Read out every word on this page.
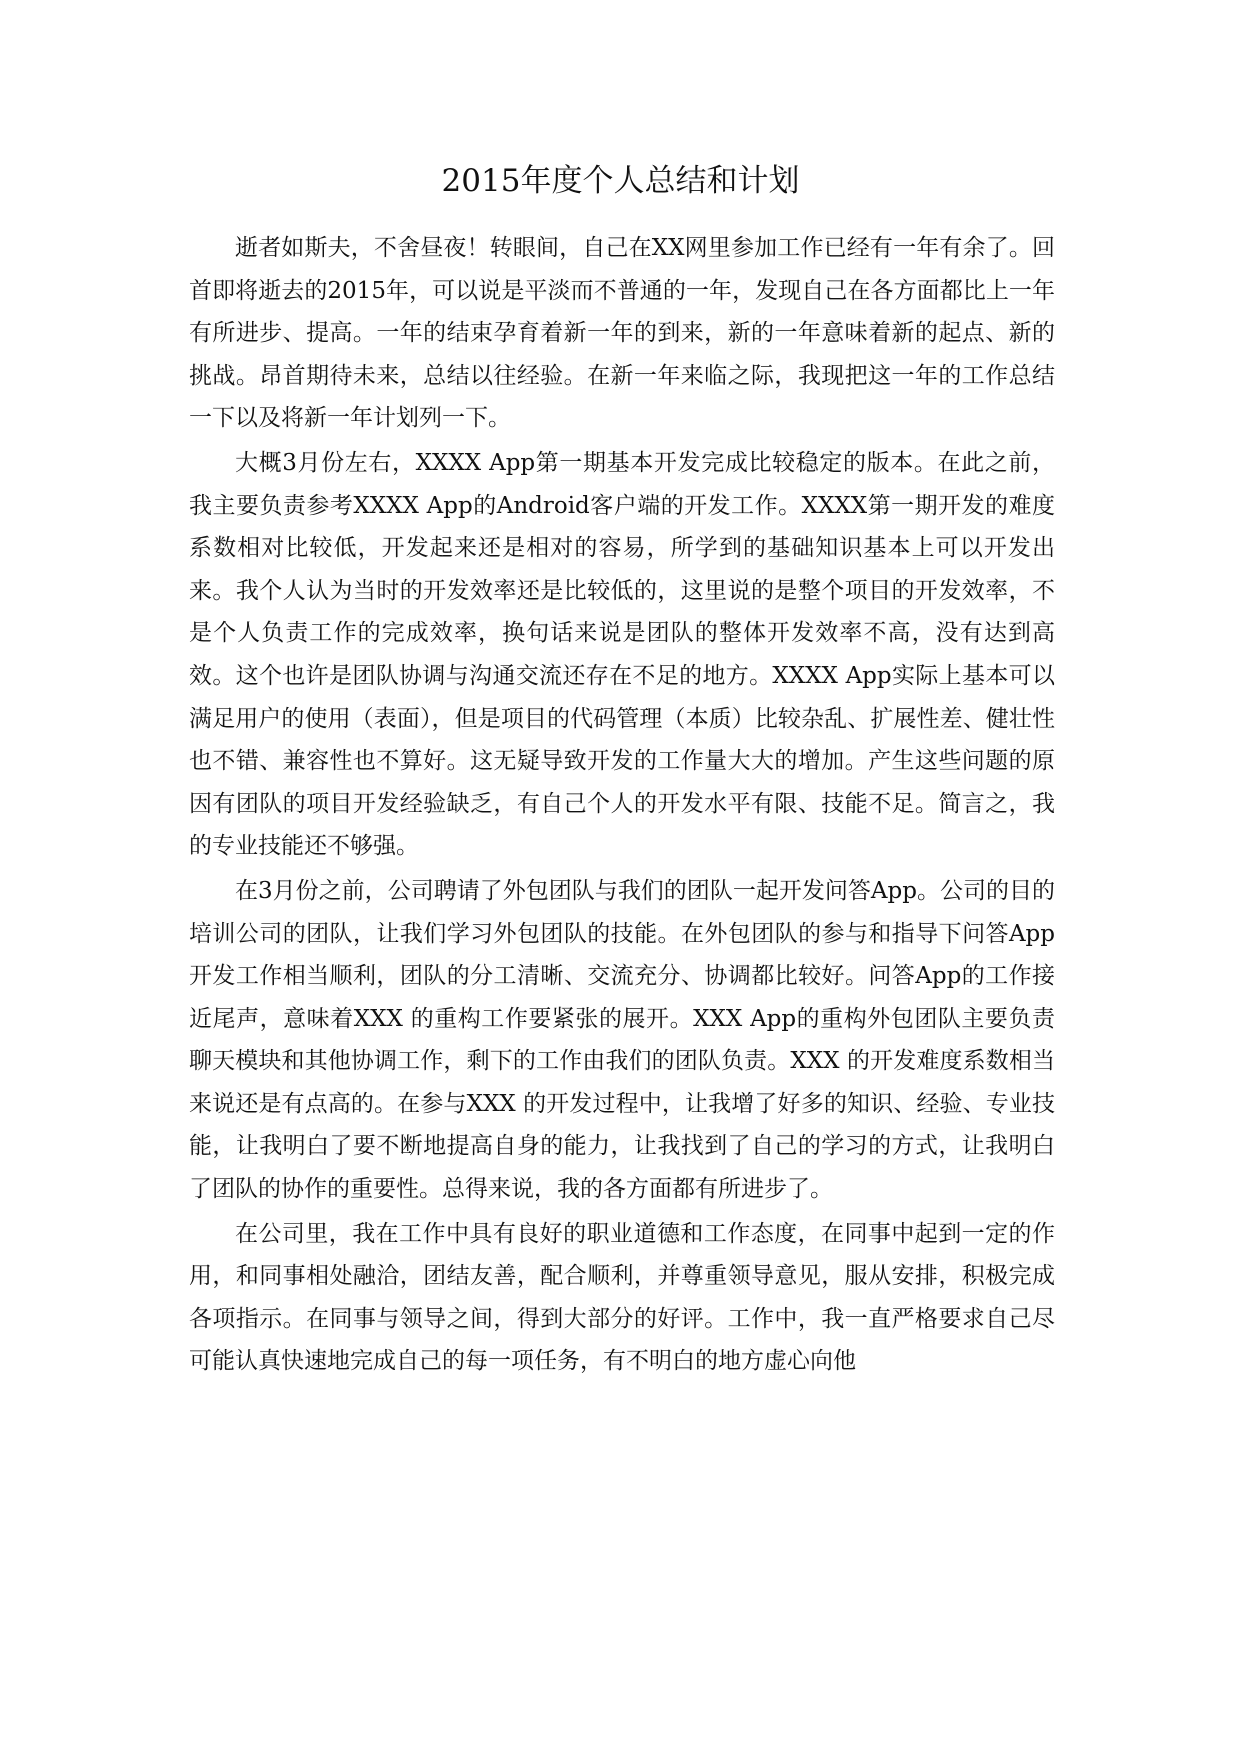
2015年度个人总结和计划

逝者如斯夫，不舍昼夜！转眼间，自己在XX网里参加工作已经有一年有余了。回首即将逝去的2015年，可以说是平淡而不普通的一年，发现自己在各方面都比上一年有所进步、提高。一年的结束孕育着新一年的到来，新的一年意味着新的起点、新的挑战。昂首期待未来，总结以往经验。在新一年来临之际，我现把这一年的工作总结一下以及将新一年计划列一下。

大概3月份左右，XXXX App第一期基本开发完成比较稳定的版本。在此之前，我主要负责参考XXXX App的Android客户端的开发工作。XXXX第一期开发的难度系数相对比较低，开发起来还是相对的容易，所学到的基础知识基本上可以开发出来。我个人认为当时的开发效率还是比较低的，这里说的是整个项目的开发效率，不是个人负责工作的完成效率，换句话来说是团队的整体开发效率不高，没有达到高效。这个也许是团队协调与沟通交流还存在不足的地方。XXXX App实际上基本可以满足用户的使用（表面），但是项目的代码管理（本质）比较杂乱、扩展性差、健壮性也不错、兼容性也不算好。这无疑导致开发的工作量大大的增加。产生这些问题的原因有团队的项目开发经验缺乏，有自己个人的开发水平有限、技能不足。简言之，我的专业技能还不够强。

在3月份之前，公司聘请了外包团队与我们的团队一起开发问答App。公司的目的培训公司的团队，让我们学习外包团队的技能。在外包团队的参与和指导下问答App开发工作相当顺利，团队的分工清晰、交流充分、协调都比较好。问答App的工作接近尾声，意味着XXX 的重构工作要紧张的展开。XXX App的重构外包团队主要负责聊天模块和其他协调工作，剩下的工作由我们的团队负责。XXX 的开发难度系数相当来说还是有点高的。在参与XXX 的开发过程中，让我增了好多的知识、经验、专业技能，让我明白了要不断地提高自身的能力，让我找到了自己的学习的方式，让我明白了团队的协作的重要性。总得来说，我的各方面都有所进步了。

在公司里，我在工作中具有良好的职业道德和工作态度，在同事中起到一定的作用，和同事相处融洽，团结友善，配合顺利，并尊重领导意见，服从安排，积极完成各项指示。在同事与领导之间，得到大部分的好评。工作中，我一直严格要求自己尽可能认真快速地完成自己的每一项任务，有不明白的地方虚心向他
